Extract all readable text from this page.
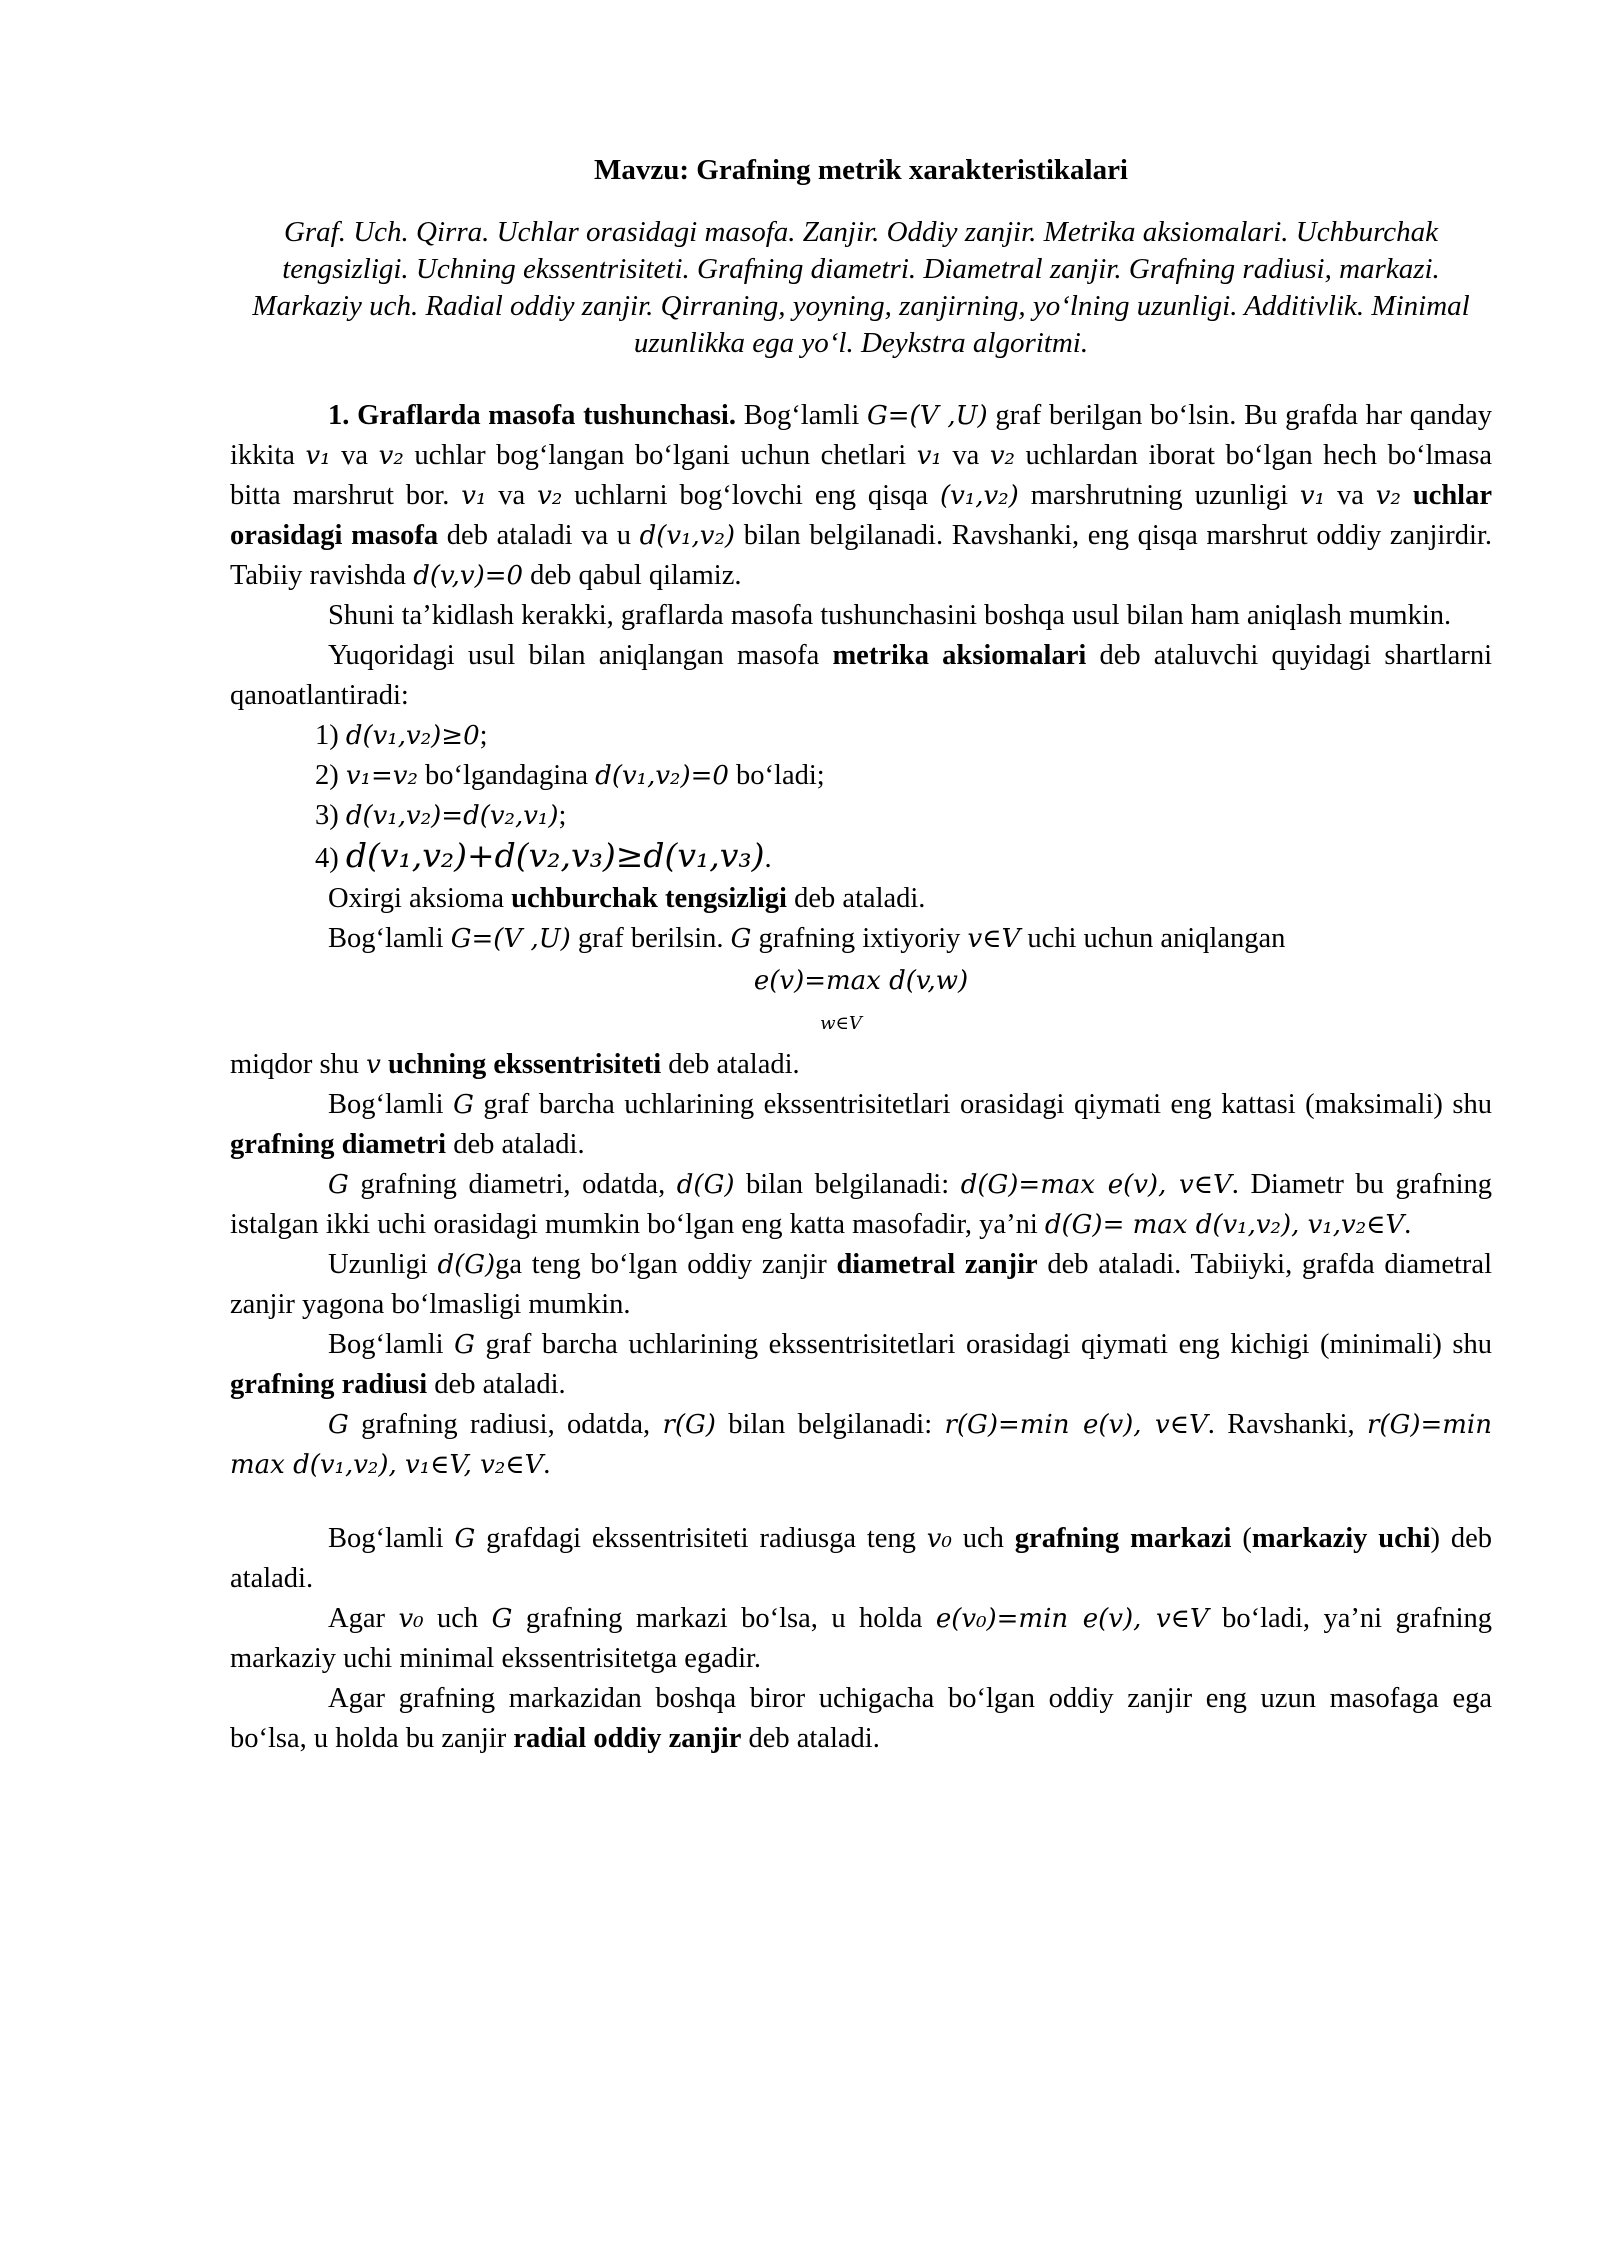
Mavzu: Grafning metrik xarakteristikalari
Graf. Uch. Qirra. Uchlar orasidagi masofa. Zanjir. Oddiy zanjir. Metrika aksiomalari. Uchburchak tengsizligi. Uchning ekssentrisiteti. Grafning diametri. Diametral zanjir. Grafning radiusi, markazi. Markaziy uch. Radial oddiy zanjir. Qirraning, yoyning, zanjirning, yo‘lning uzunligi. Additivlik. Minimal uzunlikka ega yo‘l. Deykstra algoritmi.

1. Graflarda masofa tushunchasi. Bog‘lamli G=(V ,U) graf berilgan bo‘lsin. Bu grafda har qanday ikkita v₁ va v₂ uchlar bog‘langan bo‘lgani uchun chetlari v₁ va v₂ uchlardan iborat bo‘lgan hech bo‘lmasa bitta marshrut bor. v₁ va v₂ uchlarni bog‘lovchi eng qisqa (v₁,v₂) marshrutning uzunligi v₁ va v₂ uchlar orasidagi masofa deb ataladi va u d(v₁,v₂) bilan belgilanadi. Ravshanki, eng qisqa marshrut oddiy zanjirdir. Tabiiy ravishda d(v,v)=0 deb qabul qilamiz.

Shuni ta’kidlash kerakki, graflarda masofa tushunchasini boshqa usul bilan ham aniqlash mumkin.

Yuqoridagi usul bilan aniqlangan masofa metrika aksiomalari deb ataluvchi quyidagi shartlarni qanoatlantiradi:

1) d(v₁,v₂)≥0;

2) v₁=v₂ bo‘lgandagina d(v₁,v₂)=0 bo‘ladi;

3) d(v₁,v₂)=d(v₂,v₁);

4) d(v₁,v₂)+d(v₂,v₃)≥d(v₁,v₃).

Oxirgi aksioma uchburchak tengsizligi deb ataladi.

Bog‘lamli G=(V ,U) graf berilsin. G grafning ixtiyoriy v∈V uchi uchun aniqlangan

e(v)=max d(v,w)
w∈V

miqdor shu v uchning ekssentrisiteti deb ataladi.

Bog‘lamli G graf barcha uchlarining ekssentrisitetlari orasidagi qiymati eng kattasi (maksimali) shu grafning diametri deb ataladi.

G grafning diametri, odatda, d(G) bilan belgilanadi: d(G)=max e(v), v∈V. Diametr bu grafning istalgan ikki uchi orasidagi mumkin bo‘lgan eng katta masofadir, ya’ni d(G)= max d(v₁,v₂), v₁,v₂∈V.

Uzunligi d(G)ga teng bo‘lgan oddiy zanjir diametral zanjir deb ataladi. Tabiiyki, grafda diametral zanjir yagona bo‘lmasligi mumkin.

Bog‘lamli G graf barcha uchlarining ekssentrisitetlari orasidagi qiymati eng kichigi (minimali) shu grafning radiusi deb ataladi.

G grafning radiusi, odatda, r(G) bilan belgilanadi: r(G)=min e(v), v∈V. Ravshanki, r(G)=min max d(v₁,v₂), v₁∈V, v₂∈V.

Bog‘lamli G grafdagi ekssentrisiteti radiusga teng v₀ uch grafning markazi (markaziy uchi) deb ataladi.

Agar v₀ uch G grafning markazi bo‘lsa, u holda e(v₀)=min e(v), v∈V bo‘ladi, ya’ni grafning markaziy uchi minimal ekssentrisitetga egadir.

Agar grafning markazidan boshqa biror uchigacha bo‘lgan oddiy zanjir eng uzun masofaga ega bo‘lsa, u holda bu zanjir radial oddiy zanjir deb ataladi.
